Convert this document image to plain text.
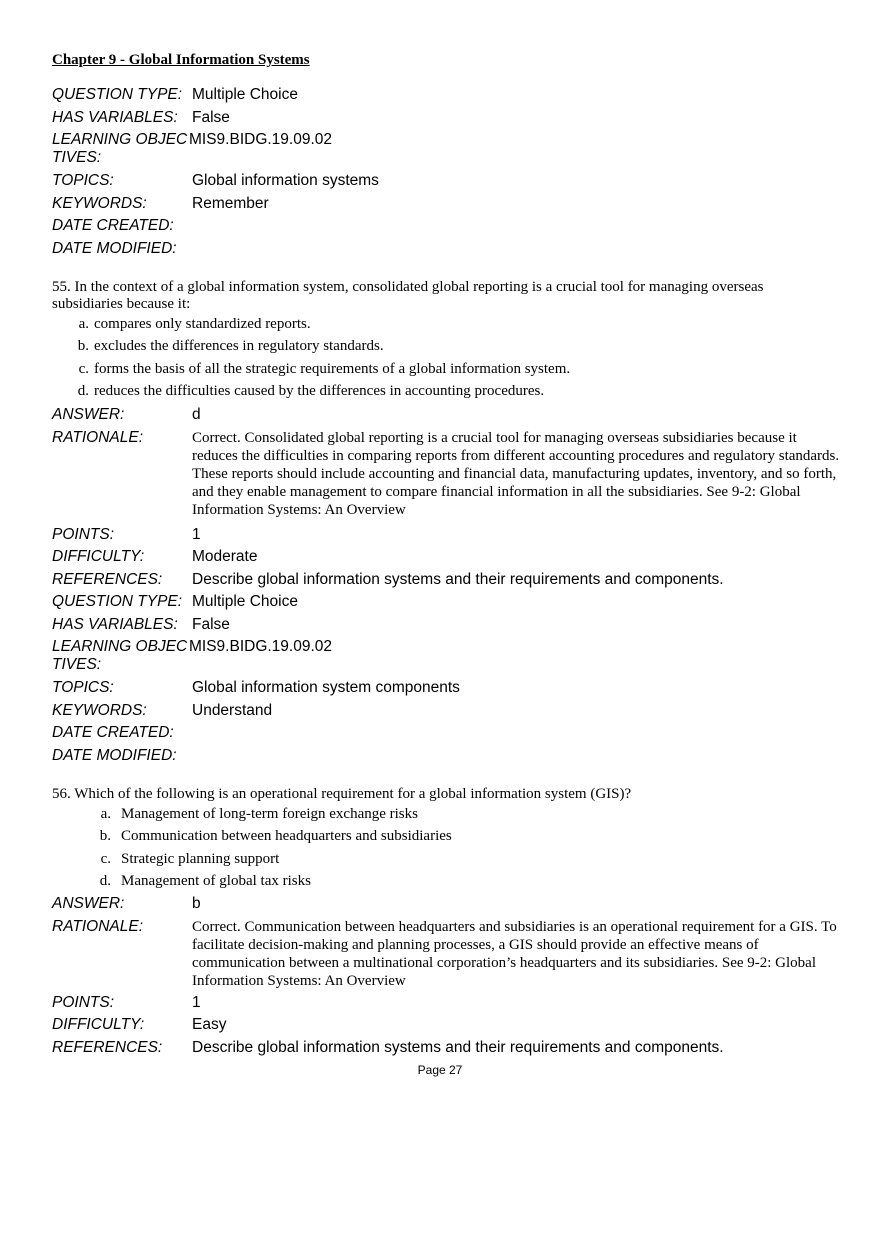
Chapter 9 - Global Information Systems
QUESTION TYPE: Multiple Choice
HAS VARIABLES: False
LEARNING OBJECTIVES:
MIS9.BIDG.19.09.02
TOPICS:	Global information systems
KEYWORDS:	Remember
DATE CREATED:
DATE MODIFIED:
55. In the context of a global information system, consolidated global reporting is a crucial tool for managing overseas subsidiaries because it:
a. compares only standardized reports.
b. excludes the differences in regulatory standards.
c. forms the basis of all the strategic requirements of a global information system.
d. reduces the difficulties caused by the differences in accounting procedures.
ANSWER:	d
RATIONALE:	Correct. Consolidated global reporting is a crucial tool for managing overseas subsidiaries because it reduces the difficulties in comparing reports from different accounting procedures and regulatory standards. These reports should include accounting and financial data, manufacturing updates, inventory, and so forth, and they enable management to compare financial information in all the subsidiaries. See 9-2: Global Information Systems: An Overview
POINTS:	1
DIFFICULTY:	Moderate
REFERENCES:	Describe global information systems and their requirements and components.
QUESTION TYPE: Multiple Choice
HAS VARIABLES: False
LEARNING OBJECTIVES:
MIS9.BIDG.19.09.02
TOPICS:	Global information system components
KEYWORDS:	Understand
DATE CREATED:
DATE MODIFIED:
56. Which of the following is an operational requirement for a global information system (GIS)?
a. Management of long-term foreign exchange risks
b. Communication between headquarters and subsidiaries
c. Strategic planning support
d. Management of global tax risks
ANSWER:	b
RATIONALE:	Correct. Communication between headquarters and subsidiaries is an operational requirement for a GIS. To facilitate decision-making and planning processes, a GIS should provide an effective means of communication between a multinational corporation’s headquarters and its subsidiaries. See 9-2: Global Information Systems: An Overview
POINTS:	1
DIFFICULTY:	Easy
REFERENCES:	Describe global information systems and their requirements and components.
Page 27
